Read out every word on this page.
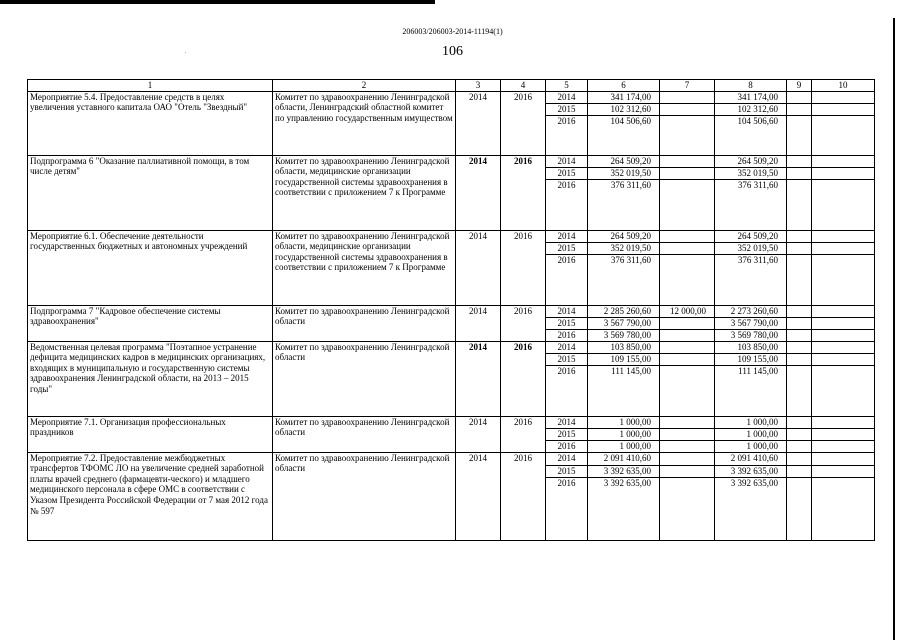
206003/206003-2014-11194(1)
106
'
1	2	3	4	5	6	7	8	9	10
Мероприятие 5.4. Предоставление средств в целях увеличения уставного капитала ОАО "Отель "Звездный"	Комитет по здравоохранению Ленинградской области, Ленинградский областной комитет по управлению государственным имуществом	2014	2016	2014	341 174,00		341 174,00		
				2015	102 312,60		102 312,60		
				2016	104 506,60		104 506,60		
Подпрограмма 6 "Оказание паллиативной помощи, в том числе детям"	Комитет по здравоохранению Ленинградской области, медицинские организации государственной системы здравоохранения в соответствии с приложением 7 к Программе	2014	2016	2014	264 509,20		264 509,20		
				2015	352 019,50		352 019,50		
				2016	376 311,60		376 311,60		
Мероприятие 6.1. Обеспечение деятельности государственных бюджетных и автономных учреждений	Комитет по здравоохранению Ленинградской области, медицинские организации государственной системы здравоохранения в соответствии с приложением 7 к Программе	2014	2016	2014	264 509,20		264 509,20		
				2015	352 019,50		352 019,50		
				2016	376 311,60		376 311,60		
Подпрограмма 7 "Кадровое обеспечение системы здравоохранения"	Комитет по здравоохранению Ленинградской области	2014	2016	2014	2 285 260,60	12 000,00	2 273 260,60		
				2015	3 567 790,00		3 567 790,00		
				2016	3 569 780,00		3 569 780,00		
Ведомственная целевая программа "Поэтапное устранение дефицита медицинских кадров в медицинских организациях, входящих в муниципальную и государственную системы здравоохранения Ленинградской области, на 2013 – 2015 годы"	Комитет по здравоохранению Ленинградской области	2014	2016	2014	103 850,00		103 850,00		
				2015	109 155,00		109 155,00		
				2016	111 145,00		111 145,00		
Мероприятие 7.1. Организация профессиональных праздников	Комитет по здравоохранению Ленинградской области	2014	2016	2014	1 000,00		1 000,00		
				2015	1 000,00		1 000,00		
				2016	1 000,00		1 000,00		
Мероприятие 7.2. Предоставление межбюджетных трансфертов ТФОМС ЛО на увеличение средней заработной платы врачей среднего (фармацевти-ческого) и младшего медицинского персонала в сфере ОМС в соответствии с Указом Президента Российской Федерации от 7 мая 2012 года № 597	Комитет по здравоохранению Ленинградской области	2014	2016	2014	2 091 410,60		2 091 410,60		
				2015	3 392 635,00		3 392 635,00		
				2016	3 392 635,00		3 392 635,00		
